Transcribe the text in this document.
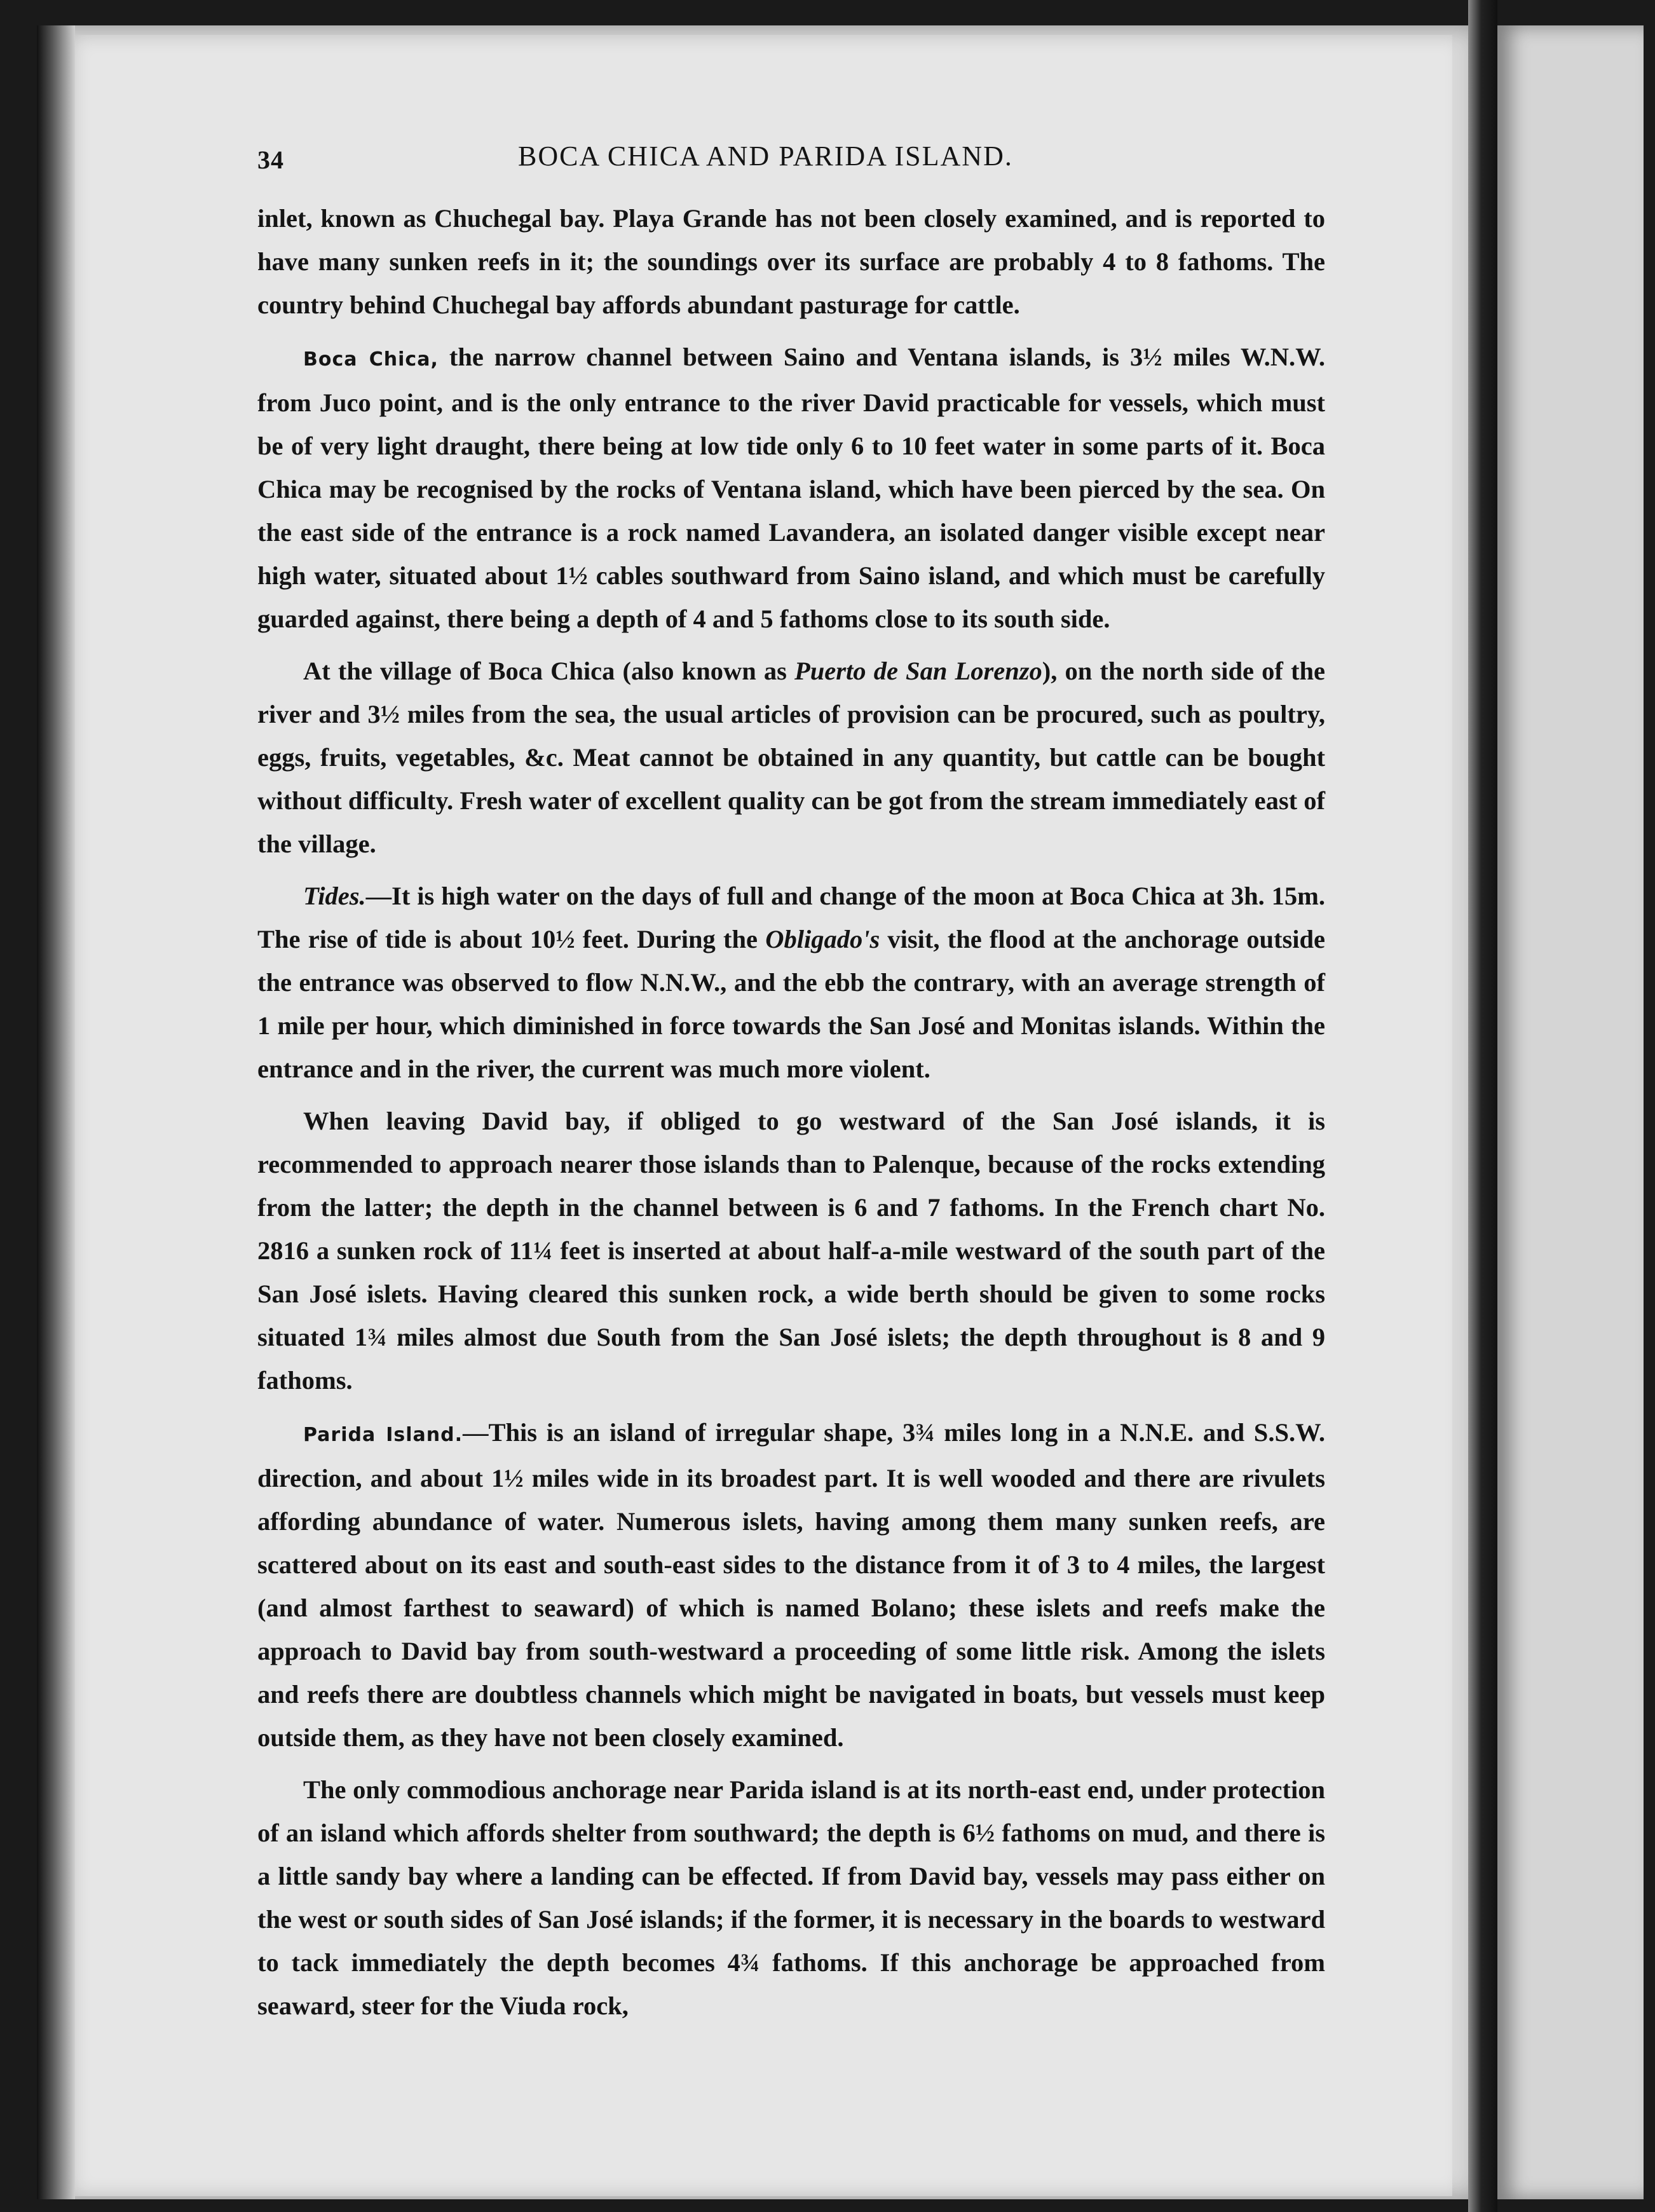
34	BOCA CHICA AND PARIDA ISLAND.

inlet, known as Chuchegal bay. Playa Grande has not been closely examined, and is reported to have many sunken reefs in it; the soundings over its surface are probably 4 to 8 fathoms. The country behind Chuchegal bay affords abundant pasturage for cattle.

Boca Chica, the narrow channel between Saino and Ventana islands, is 3½ miles W.N.W. from Juco point, and is the only entrance to the river David practicable for vessels, which must be of very light draught, there being at low tide only 6 to 10 feet water in some parts of it. Boca Chica may be recognised by the rocks of Ventana island, which have been pierced by the sea. On the east side of the entrance is a rock named Lavandera, an isolated danger visible except near high water, situated about 1½ cables southward from Saino island, and which must be carefully guarded against, there being a depth of 4 and 5 fathoms close to its south side.

At the village of Boca Chica (also known as Puerto de San Lorenzo), on the north side of the river and 3½ miles from the sea, the usual articles of provision can be procured, such as poultry, eggs, fruits, vegetables, &c. Meat cannot be obtained in any quantity, but cattle can be bought without difficulty. Fresh water of excellent quality can be got from the stream immediately east of the village.

Tides.—It is high water on the days of full and change of the moon at Boca Chica at 3h. 15m. The rise of tide is about 10½ feet. During the Obligado's visit, the flood at the anchorage outside the entrance was observed to flow N.N.W., and the ebb the contrary, with an average strength of 1 mile per hour, which diminished in force towards the San José and Monitas islands. Within the entrance and in the river, the current was much more violent.

When leaving David bay, if obliged to go westward of the San José islands, it is recommended to approach nearer those islands than to Palenque, because of the rocks extending from the latter; the depth in the channel between is 6 and 7 fathoms. In the French chart No. 2816 a sunken rock of 11¼ feet is inserted at about half-a-mile westward of the south part of the San José islets. Having cleared this sunken rock, a wide berth should be given to some rocks situated 1¾ miles almost due South from the San José islets; the depth throughout is 8 and 9 fathoms.

Parida Island.—This is an island of irregular shape, 3¾ miles long in a N.N.E. and S.S.W. direction, and about 1½ miles wide in its broadest part. It is well wooded and there are rivulets affording abundance of water. Numerous islets, having among them many sunken reefs, are scattered about on its east and south-east sides to the distance from it of 3 to 4 miles, the largest (and almost farthest to seaward) of which is named Bolano; these islets and reefs make the approach to David bay from south-westward a proceeding of some little risk. Among the islets and reefs there are doubtless channels which might be navigated in boats, but vessels must keep outside them, as they have not been closely examined.

The only commodious anchorage near Parida island is at its north-east end, under protection of an island which affords shelter from southward; the depth is 6½ fathoms on mud, and there is a little sandy bay where a landing can be effected. If from David bay, vessels may pass either on the west or south sides of San José islands; if the former, it is necessary in the boards to westward to tack immediately the depth becomes 4¾ fathoms. If this anchorage be approached from seaward, steer for the Viuda rock,
